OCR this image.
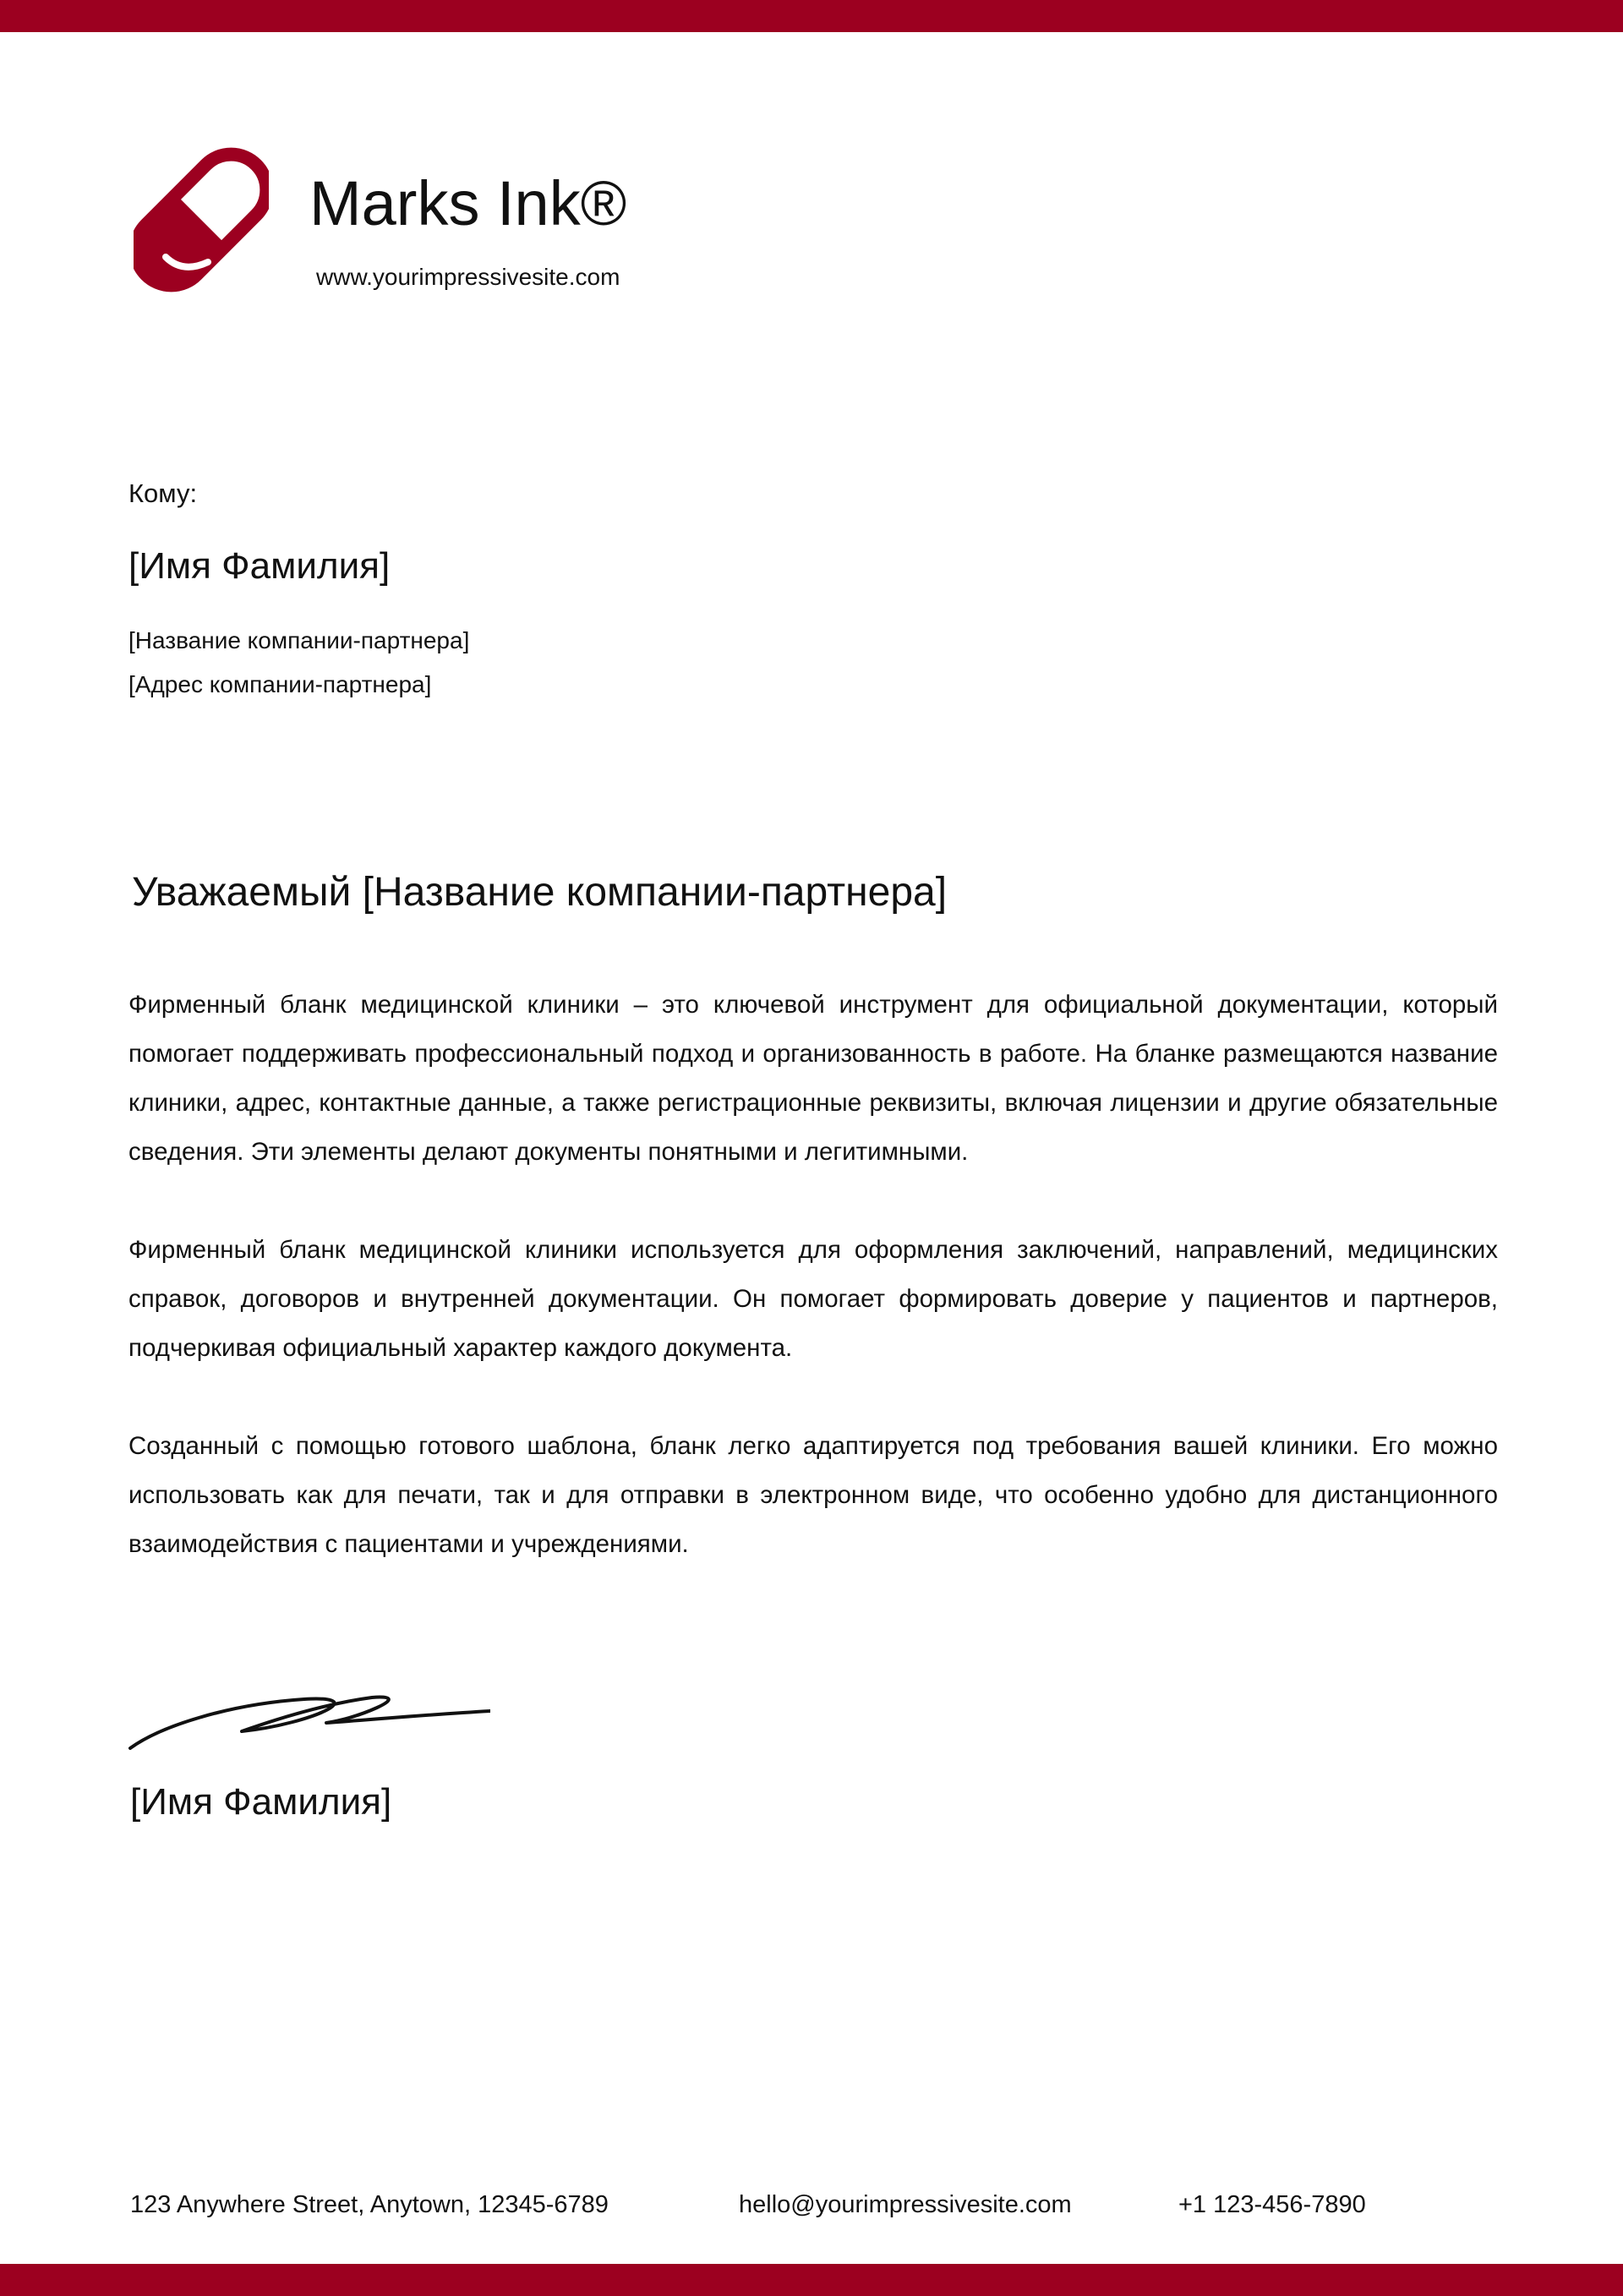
Marks Ink®
www.yourimpressivesite.com
Кому:
[Имя Фамилия]
[Название компании-партнера]
[Адрес компании-партнера]
Уважаемый [Название компании-партнера]

Фирменный бланк медицинской клиники – это ключевой инструмент для официальной документации, который помогает поддерживать профессиональный подход и организованность в работе. На бланке размещаются название клиники, адрес, контактные данные, а также регистрационные реквизиты, включая лицензии и другие обязательные сведения. Эти элементы делают документы понятными и легитимными.

Фирменный бланк медицинской клиники используется для оформления заключений, направлений, медицинских справок, договоров и внутренней документации. Он помогает формировать доверие у пациентов и партнеров, подчеркивая официальный характер каждого документа.

Созданный с помощью готового шаблона, бланк легко адаптируется под требования вашей клиники. Его можно использовать как для печати, так и для отправки в электронном виде, что особенно удобно для дистанционного взаимодействия с пациентами и учреждениями.

[Имя Фамилия]
123 Anywhere Street, Anytown, 12345-6789	hello@yourimpressivesite.com	+1 123-456-7890
